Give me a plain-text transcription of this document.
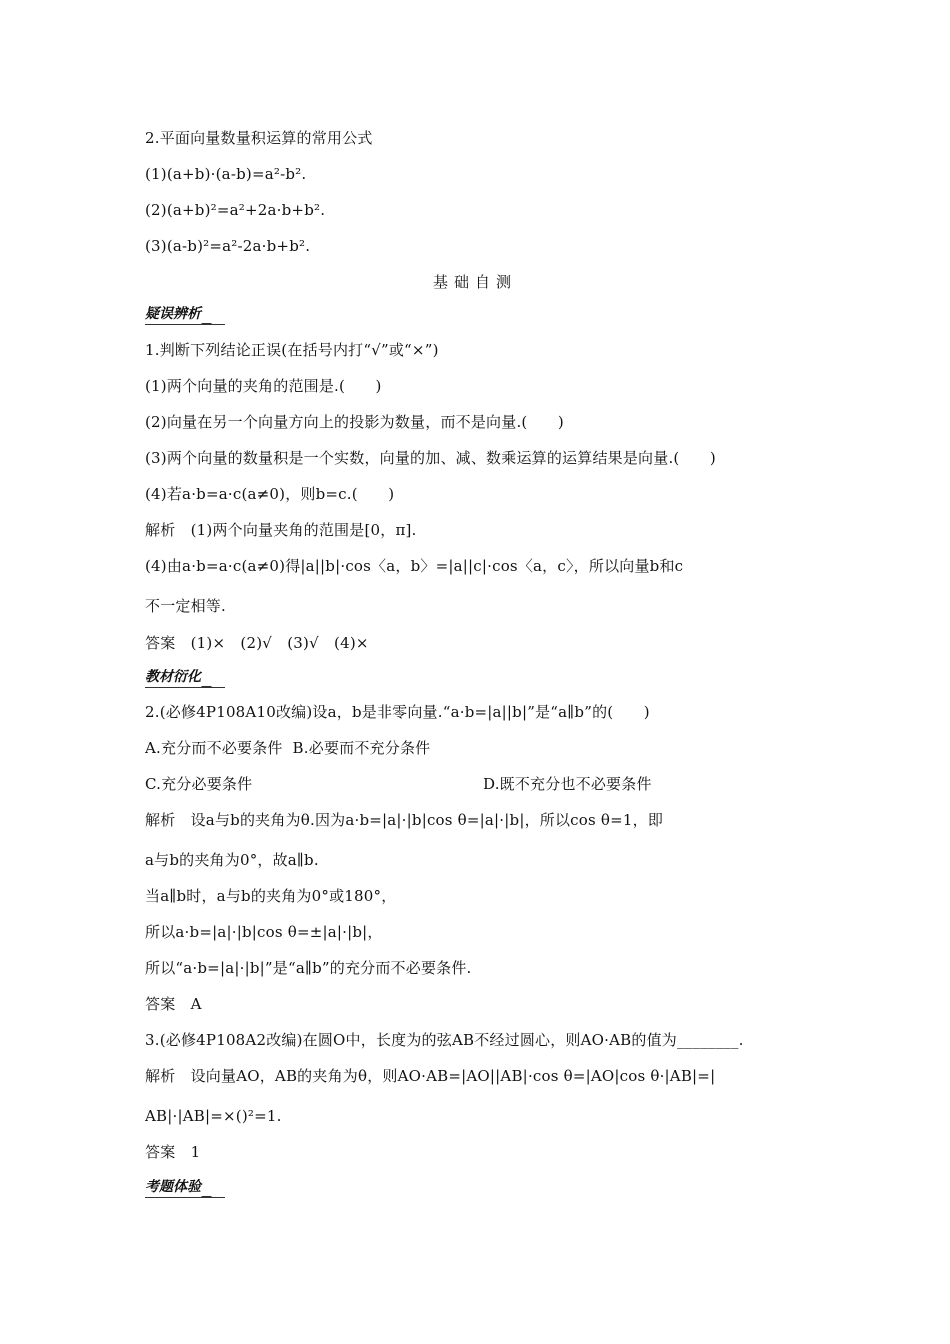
2.平面向量数量积运算的常用公式
(1)(a+b)·(a-b)=a²-b².
(2)(a+b)²=a²+2a·b+b².
(3)(a-b)²=a²-2a·b+b².
基础自测
疑误辨析
1.判断下列结论正误(在括号内打“√”或“×”)
(1)两个向量的夹角的范围是.(　　)
(2)向量在另一个向量方向上的投影为数量，而不是向量.(　　)
(3)两个向量的数量积是一个实数，向量的加、减、数乘运算的运算结果是向量.(　　)
(4)若a·b=a·c(a≠0)，则b=c.(　　)
解析　(1)两个向量夹角的范围是[0，π].
(4)由a·b=a·c(a≠0)得|a||b|·cos〈a，b〉=|a||c|·cos〈a，c〉，所以向量b和c
不一定相等.
答案　(1)×　(2)√　(3)√　(4)×
教材衍化
2.(必修4P108A10改编)设a，b是非零向量.“a·b=|a||b|”是“a∥b”的(　　)
A.充分而不必要条件 B.必要而不充分条件
C.充分必要条件	D.既不充分也不必要条件
解析　设a与b的夹角为θ.因为a·b=|a|·|b|cos θ=|a|·|b|，所以cos θ=1，即
a与b的夹角为0°，故a∥b.
当a∥b时，a与b的夹角为0°或180°，
所以a·b=|a|·|b|cos θ=±|a|·|b|，
所以“a·b=|a|·|b|”是“a∥b”的充分而不必要条件.
答案　A
3.(必修4P108A2改编)在圆O中，长度为的弦AB不经过圆心，则AO·AB的值为________.
解析　设向量AO，AB的夹角为θ，则AO·AB=|AO||AB|·cos θ=|AO|cos θ·|AB|=|
AB|·|AB|=×()²=1.
答案　1
考题体验
